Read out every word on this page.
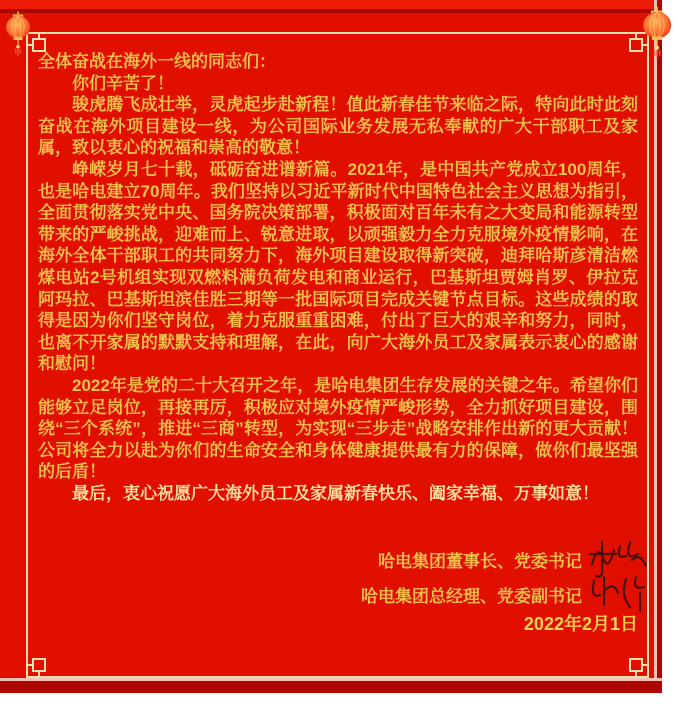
全体奋战在海外一线的同志们：

你们辛苦了！

骏虎腾飞成壮举，灵虎起步赴新程！值此新春佳节来临之际，特向此时此刻奋战在海外项目建设一线，为公司国际业务发展无私奉献的广大干部职工及家属，致以衷心的祝福和崇高的敬意！

峥嵘岁月七十载，砥砺奋进谱新篇。2021年，是中国共产党成立100周年，也是哈电建立70周年。我们坚持以习近平新时代中国特色社会主义思想为指引，全面贯彻落实党中央、国务院决策部署，积极面对百年未有之大变局和能源转型带来的严峻挑战，迎难而上、锐意进取，以顽强毅力全力克服境外疫情影响，在海外全体干部职工的共同努力下，海外项目建设取得新突破，迪拜哈斯彦清洁燃煤电站2号机组实现双燃料满负荷发电和商业运行，巴基斯坦贾姆肖罗、伊拉克阿玛拉、巴基斯坦滨佳胜三期等一批国际项目完成关键节点目标。这些成绩的取得是因为你们坚守岗位，着力克服重重困难，付出了巨大的艰辛和努力，同时，也离不开家属的默默支持和理解，在此，向广大海外员工及家属表示衷心的感谢和慰问！

2022年是党的二十大召开之年，是哈电集团生存发展的关键之年。希望你们能够立足岗位，再接再厉，积极应对境外疫情严峻形势，全力抓好项目建设，围绕“三个系统”，推进“三商”转型，为实现“三步走”战略安排作出新的更大贡献！公司将全力以赴为你们的生命安全和身体健康提供最有力的保障，做你们最坚强的后盾！

最后，衷心祝愿广大海外员工及家属新春快乐、阖家幸福、万事如意！

哈电集团董事长、党委书记
哈电集团总经理、党委副书记

2022年2月1日
